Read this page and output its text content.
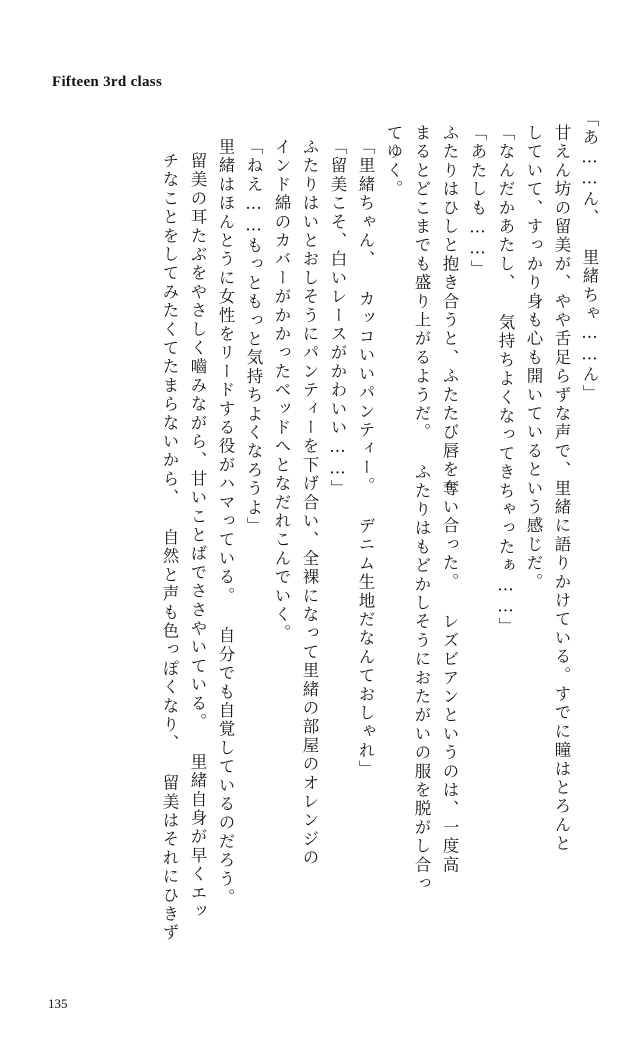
Fifteen 3rd class
「あ……ん、 里緒ちゃ……ん」
甘えん坊の留美が、やや舌足らずな声で、里緒に語りかけている。すでに瞳はとろんと
していて、すっかり身も心も開いているという感じだ。
「なんだかあたし、 気持ちよくなってきちゃったぁ……」
「あたしも……」
ふたりはひしと抱き合うと、ふたたび唇を奪い合った。 レズビアンというのは、一度高
まるとどこまでも盛り上がるようだ。 ふたりはもどかしそうにおたがいの服を脱がし合っ
てゆく。
「里緒ちゃん、 カッコいいパンティー。 デニム生地だなんておしゃれ」
「留美こそ、白いレースがかわいい……」
ふたりはいとおしそうにパンティーを下げ合い、全裸になって里緒の部屋のオレンジの
インド綿のカバーがかかったベッドへとなだれこんでいく。
「ねえ……もっともっと気持ちよくなろうよ」
里緒はほんとうに女性をリードする役がハマっている。 自分でも自覚しているのだろう。
留美の耳たぶをやさしく嚙みながら、甘いことばでささやいている。 里緒自身が早くエッ
チなことをしてみたくてたまらないから、 自然と声も色っぽくなり、 留美はそれにひきず
135
